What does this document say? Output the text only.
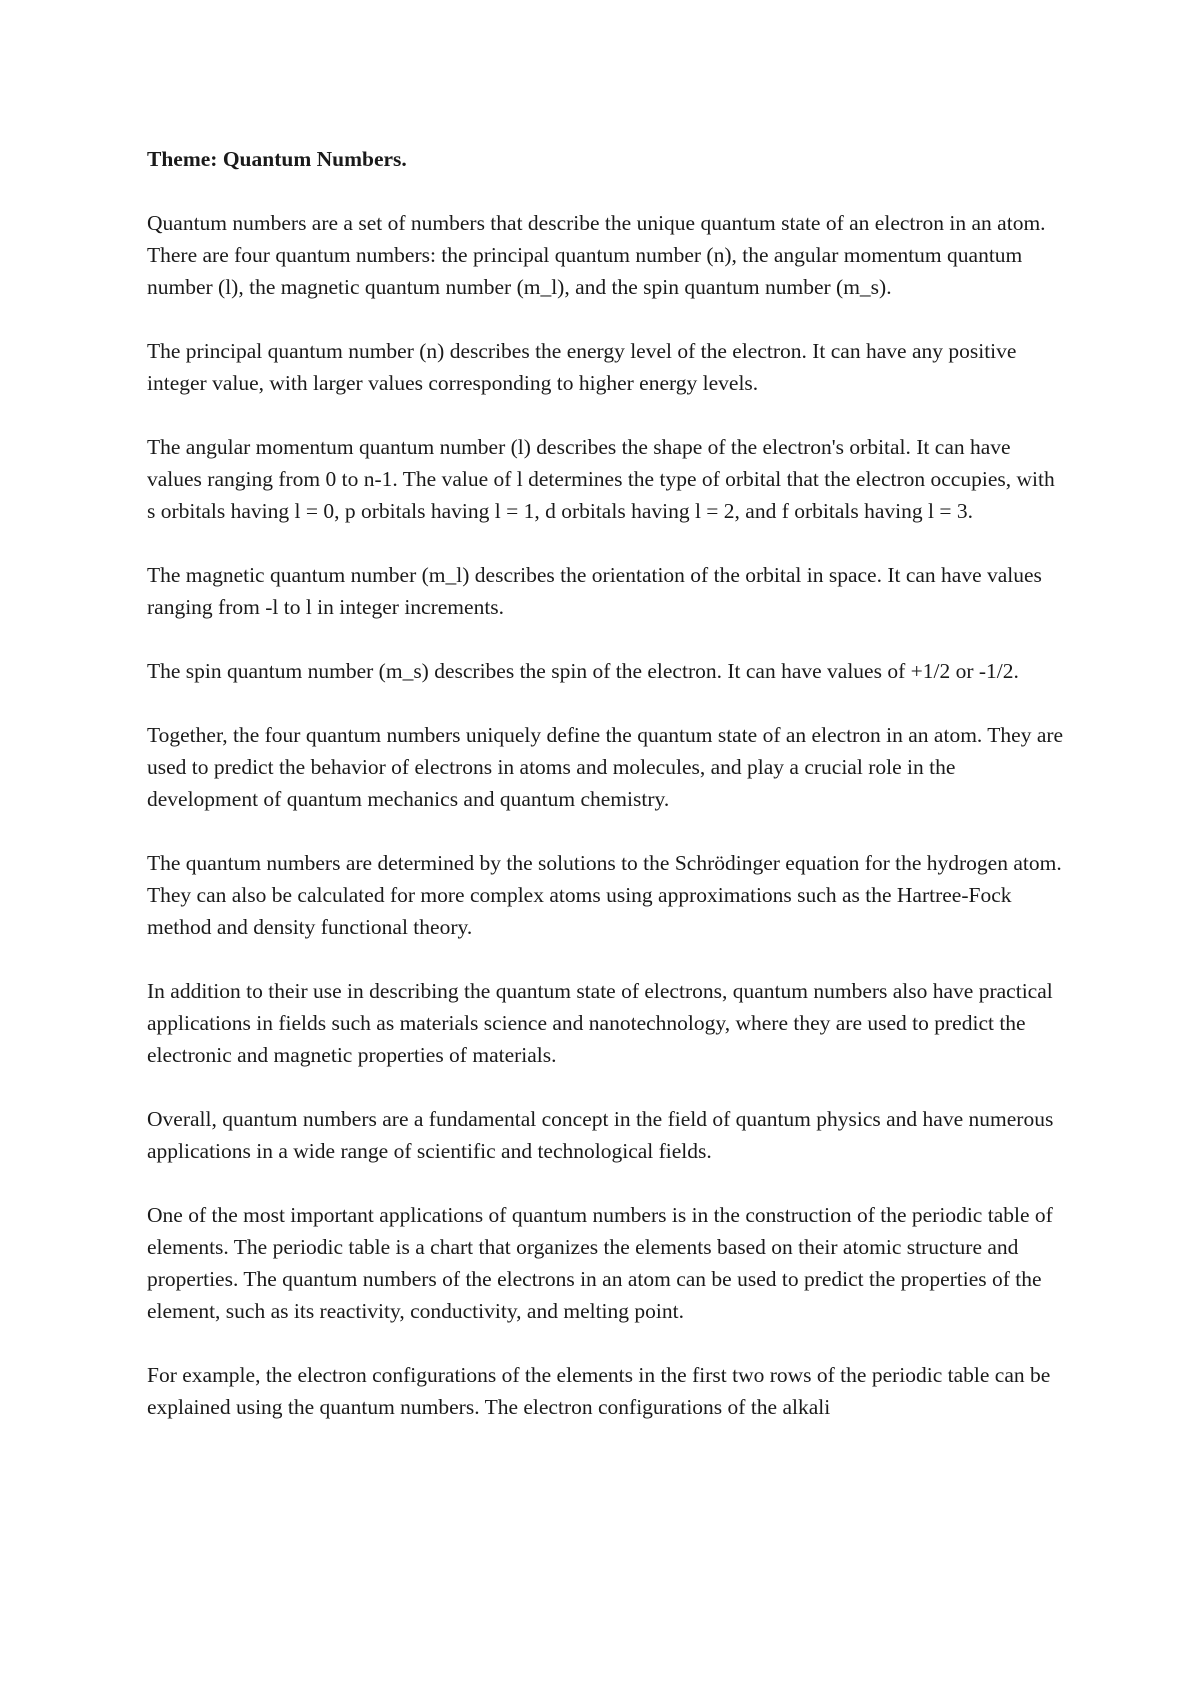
Theme: Quantum Numbers.

Quantum numbers are a set of numbers that describe the unique quantum state of an electron in an atom. There are four quantum numbers: the principal quantum number (n), the angular momentum quantum number (l), the magnetic quantum number (m_l), and the spin quantum number (m_s).

The principal quantum number (n) describes the energy level of the electron. It can have any positive integer value, with larger values corresponding to higher energy levels.

The angular momentum quantum number (l) describes the shape of the electron's orbital. It can have values ranging from 0 to n-1. The value of l determines the type of orbital that the electron occupies, with s orbitals having l = 0, p orbitals having l = 1, d orbitals having l = 2, and f orbitals having l = 3.

The magnetic quantum number (m_l) describes the orientation of the orbital in space. It can have values ranging from -l to l in integer increments.

The spin quantum number (m_s) describes the spin of the electron. It can have values of +1/2 or -1/2.

Together, the four quantum numbers uniquely define the quantum state of an electron in an atom. They are used to predict the behavior of electrons in atoms and molecules, and play a crucial role in the development of quantum mechanics and quantum chemistry.

The quantum numbers are determined by the solutions to the Schrödinger equation for the hydrogen atom. They can also be calculated for more complex atoms using approximations such as the Hartree-Fock method and density functional theory.

In addition to their use in describing the quantum state of electrons, quantum numbers also have practical applications in fields such as materials science and nanotechnology, where they are used to predict the electronic and magnetic properties of materials.

Overall, quantum numbers are a fundamental concept in the field of quantum physics and have numerous applications in a wide range of scientific and technological fields.

One of the most important applications of quantum numbers is in the construction of the periodic table of elements. The periodic table is a chart that organizes the elements based on their atomic structure and properties. The quantum numbers of the electrons in an atom can be used to predict the properties of the element, such as its reactivity, conductivity, and melting point.

For example, the electron configurations of the elements in the first two rows of the periodic table can be explained using the quantum numbers. The electron configurations of the alkali
